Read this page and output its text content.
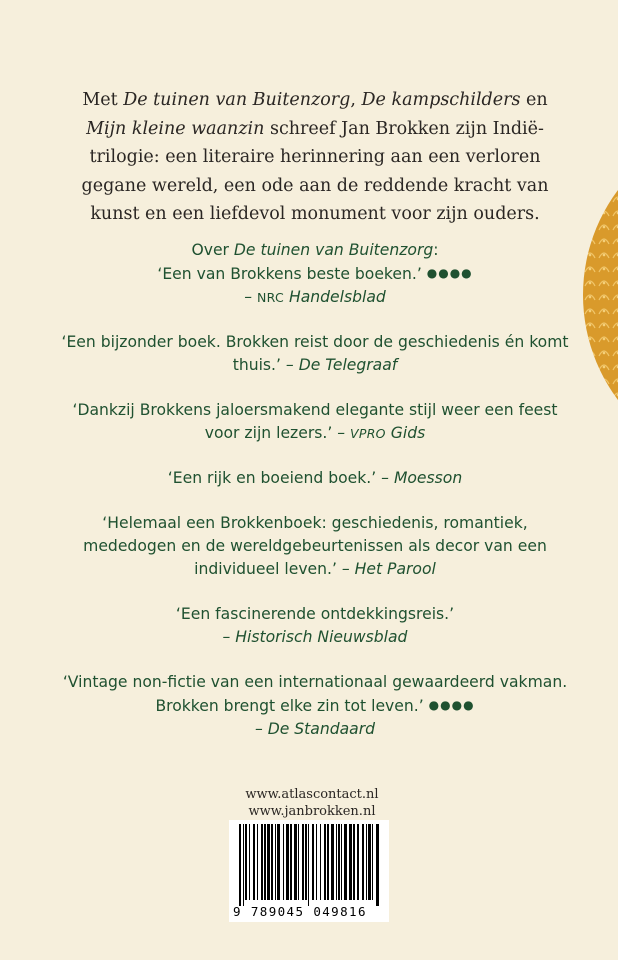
Met De tuinen van Buitenzorg, De kampschilders en Mijn kleine waanzin schreef Jan Brokken zijn Indië-trilogie: een literaire herinnering aan een verloren gegane wereld, een ode aan de reddende kracht van kunst en een liefdevol monument voor zijn ouders.
Over De tuinen van Buitenzorg:
‘Een van Brokkens beste boeken.’ ●●●●
– NRC Handelsblad
‘Een bijzonder boek. Brokken reist door de geschiedenis én komt thuis.’ – De Telegraaf
‘Dankzij Brokkens jaloersmakend elegante stijl weer een feest voor zijn lezers.’ – VPRO Gids
‘Een rijk en boeiend boek.’ – Moesson
‘Helemaal een Brokkenboek: geschiedenis, romantiek, mededogen en de wereldgebeurtenissen als decor van een individueel leven.’ – Het Parool
‘Een fascinerende ontdekkingsreis.’
– Historisch Nieuwsblad
‘Vintage non-fictie van een internationaal gewaardeerd vakman. Brokken brengt elke zin tot leven.’ ●●●●
– De Standaard
www.atlascontact.nl
www.janbrokken.nl
9 789045 049816
